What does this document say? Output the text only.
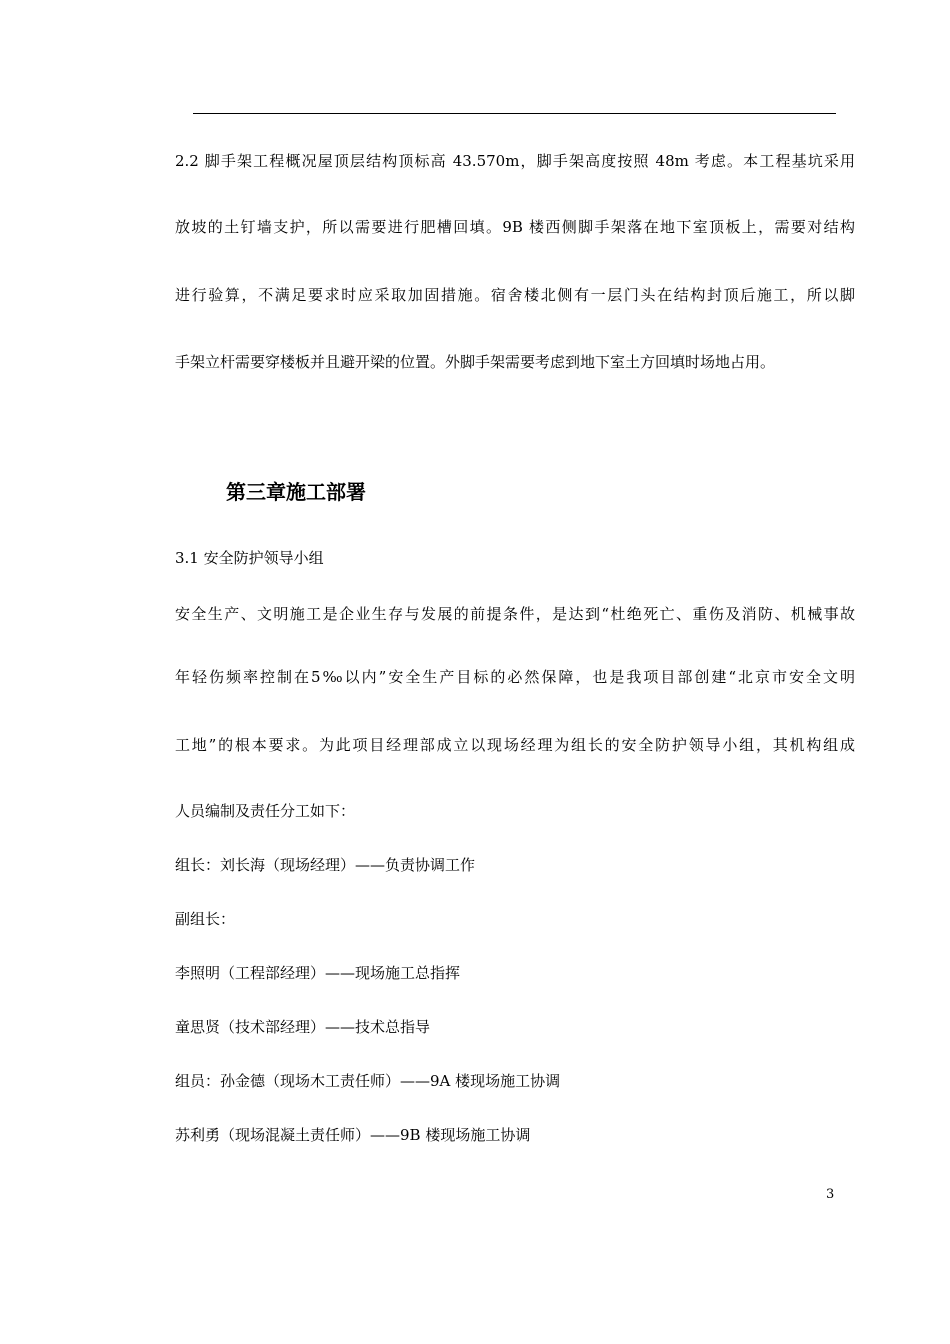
2.2 脚手架工程概况屋顶层结构顶标高 43.570m，脚手架高度按照 48m 考虑。本工程基坑采用
放坡的土钉墙支护，所以需要进行肥槽回填。9B 楼西侧脚手架落在地下室顶板上，需要对结构
进行验算，不满足要求时应采取加固措施。宿舍楼北侧有一层门头在结构封顶后施工，所以脚
手架立杆需要穿楼板并且避开梁的位置。外脚手架需要考虑到地下室土方回填时场地占用。
第三章施工部署
3.1 安全防护领导小组
安全生产、文明施工是企业生存与发展的前提条件，是达到“杜绝死亡、重伤及消防、机械事故
年轻伤频率控制在5‰以内”安全生产目标的必然保障，也是我项目部创建“北京市安全文明
工地”的根本要求。为此项目经理部成立以现场经理为组长的安全防护领导小组，其机构组成
人员编制及责任分工如下：
组长：刘长海（现场经理）——负责协调工作
副组长：
李照明（工程部经理）——现场施工总指挥
童思贤（技术部经理）——技术总指导
组员：孙金德（现场木工责任师）——9A 楼现场施工协调
苏利勇（现场混凝土责任师）——9B 楼现场施工协调
3
